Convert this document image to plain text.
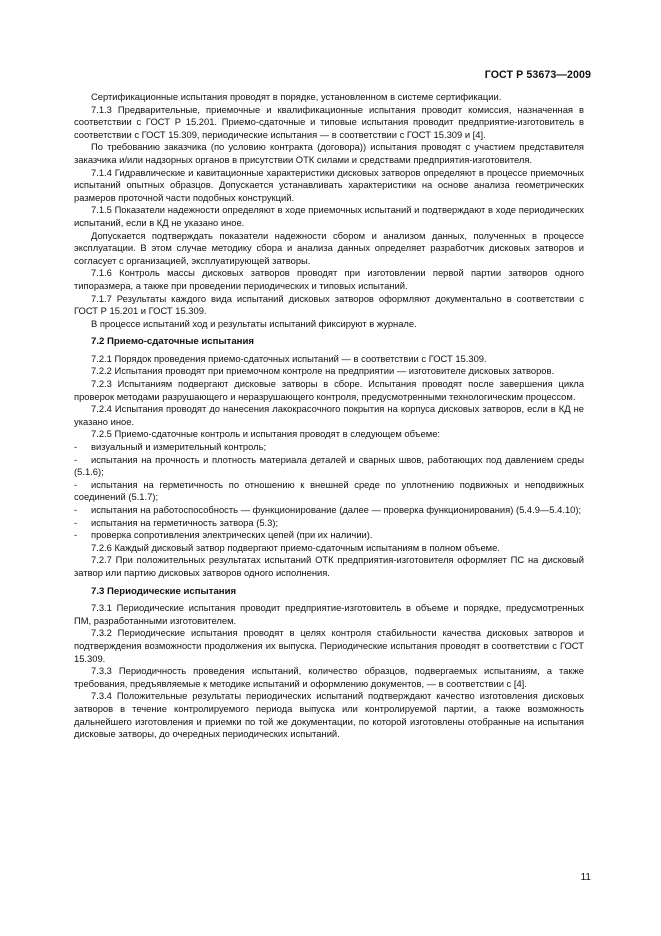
ГОСТ Р 53673—2009

Сертификационные испытания проводят в порядке, установленном в системе сертификации.

7.1.3 Предварительные, приемочные и квалификационные испытания проводит комиссия, назначенная в соответствии с ГОСТ Р 15.201. Приемо-сдаточные и типовые испытания проводит предприятие-изготовитель в соответствии с ГОСТ 15.309, периодические испытания — в соответствии с ГОСТ 15.309 и [4].

По требованию заказчика (по условию контракта (договора)) испытания проводят с участием представителя заказчика и/или надзорных органов в присутствии ОТК силами и средствами предприятия-изготовителя.

7.1.4 Гидравлические и кавитационные характеристики дисковых затворов определяют в процессе приемочных испытаний опытных образцов. Допускается устанавливать характеристики на основе анализа геометрических размеров проточной части подобных конструкций.

7.1.5 Показатели надежности определяют в ходе приемочных испытаний и подтверждают в ходе периодических испытаний, если в КД не указано иное.

Допускается подтверждать показатели надежности сбором и анализом данных, полученных в процессе эксплуатации. В этом случае методику сбора и анализа данных определяет разработчик дисковых затворов и согласует с организацией, эксплуатирующей затворы.

7.1.6 Контроль массы дисковых затворов проводят при изготовлении первой партии затворов одного типоразмера, а также при проведении периодических и типовых испытаний.

7.1.7 Результаты каждого вида испытаний дисковых затворов оформляют документально в соответствии с ГОСТ Р 15.201 и ГОСТ 15.309.

В процессе испытаний ход и результаты испытаний фиксируют в журнале.

7.2 Приемо-сдаточные испытания

7.2.1 Порядок проведения приемо-сдаточных испытаний — в соответствии с ГОСТ 15.309.

7.2.2 Испытания проводят при приемочном контроле на предприятии — изготовителе дисковых затворов.

7.2.3 Испытаниям подвергают дисковые затворы в сборе. Испытания проводят после завершения цикла проверок методами разрушающего и неразрушающего контроля, предусмотренными технологическим процессом.

7.2.4 Испытания проводят до нанесения лакокрасочного покрытия на корпуса дисковых затворов, если в КД не указано иное.

7.2.5 Приемо-сдаточные контроль и испытания проводят в следующем объеме:

- визуальный и измерительный контроль;

- испытания на прочность и плотность материала деталей и сварных швов, работающих под давлением среды (5.1.6);

- испытания на герметичность по отношению к внешней среде по уплотнению подвижных и неподвижных соединений (5.1.7);

- испытания на работоспособность — функционирование (далее — проверка функционирования) (5.4.9—5.4.10);

- испытания на герметичность затвора (5.3);

- проверка сопротивления электрических цепей (при их наличии).

7.2.6 Каждый дисковый затвор подвергают приемо-сдаточным испытаниям в полном объеме.

7.2.7 При положительных результатах испытаний ОТК предприятия-изготовителя оформляет ПС на дисковый затвор или партию дисковых затворов одного исполнения.

7.3 Периодические испытания

7.3.1 Периодические испытания проводит предприятие-изготовитель в объеме и порядке, предусмотренных ПМ, разработанными изготовителем.

7.3.2 Периодические испытания проводят в целях контроля стабильности качества дисковых затворов и подтверждения возможности продолжения их выпуска. Периодические испытания проводят в соответствии с ГОСТ 15.309.

7.3.3 Периодичность проведения испытаний, количество образцов, подвергаемых испытаниям, а также требования, предъявляемые к методике испытаний и оформлению документов, — в соответствии с [4].

7.3.4 Положительные результаты периодических испытаний подтверждают качество изготовления дисковых затворов в течение контролируемого периода выпуска или контролируемой партии, а также возможность дальнейшего изготовления и приемки по той же документации, по которой изготовлены отобранные на испытания дисковые затворы, до очередных периодических испытаний.

11
